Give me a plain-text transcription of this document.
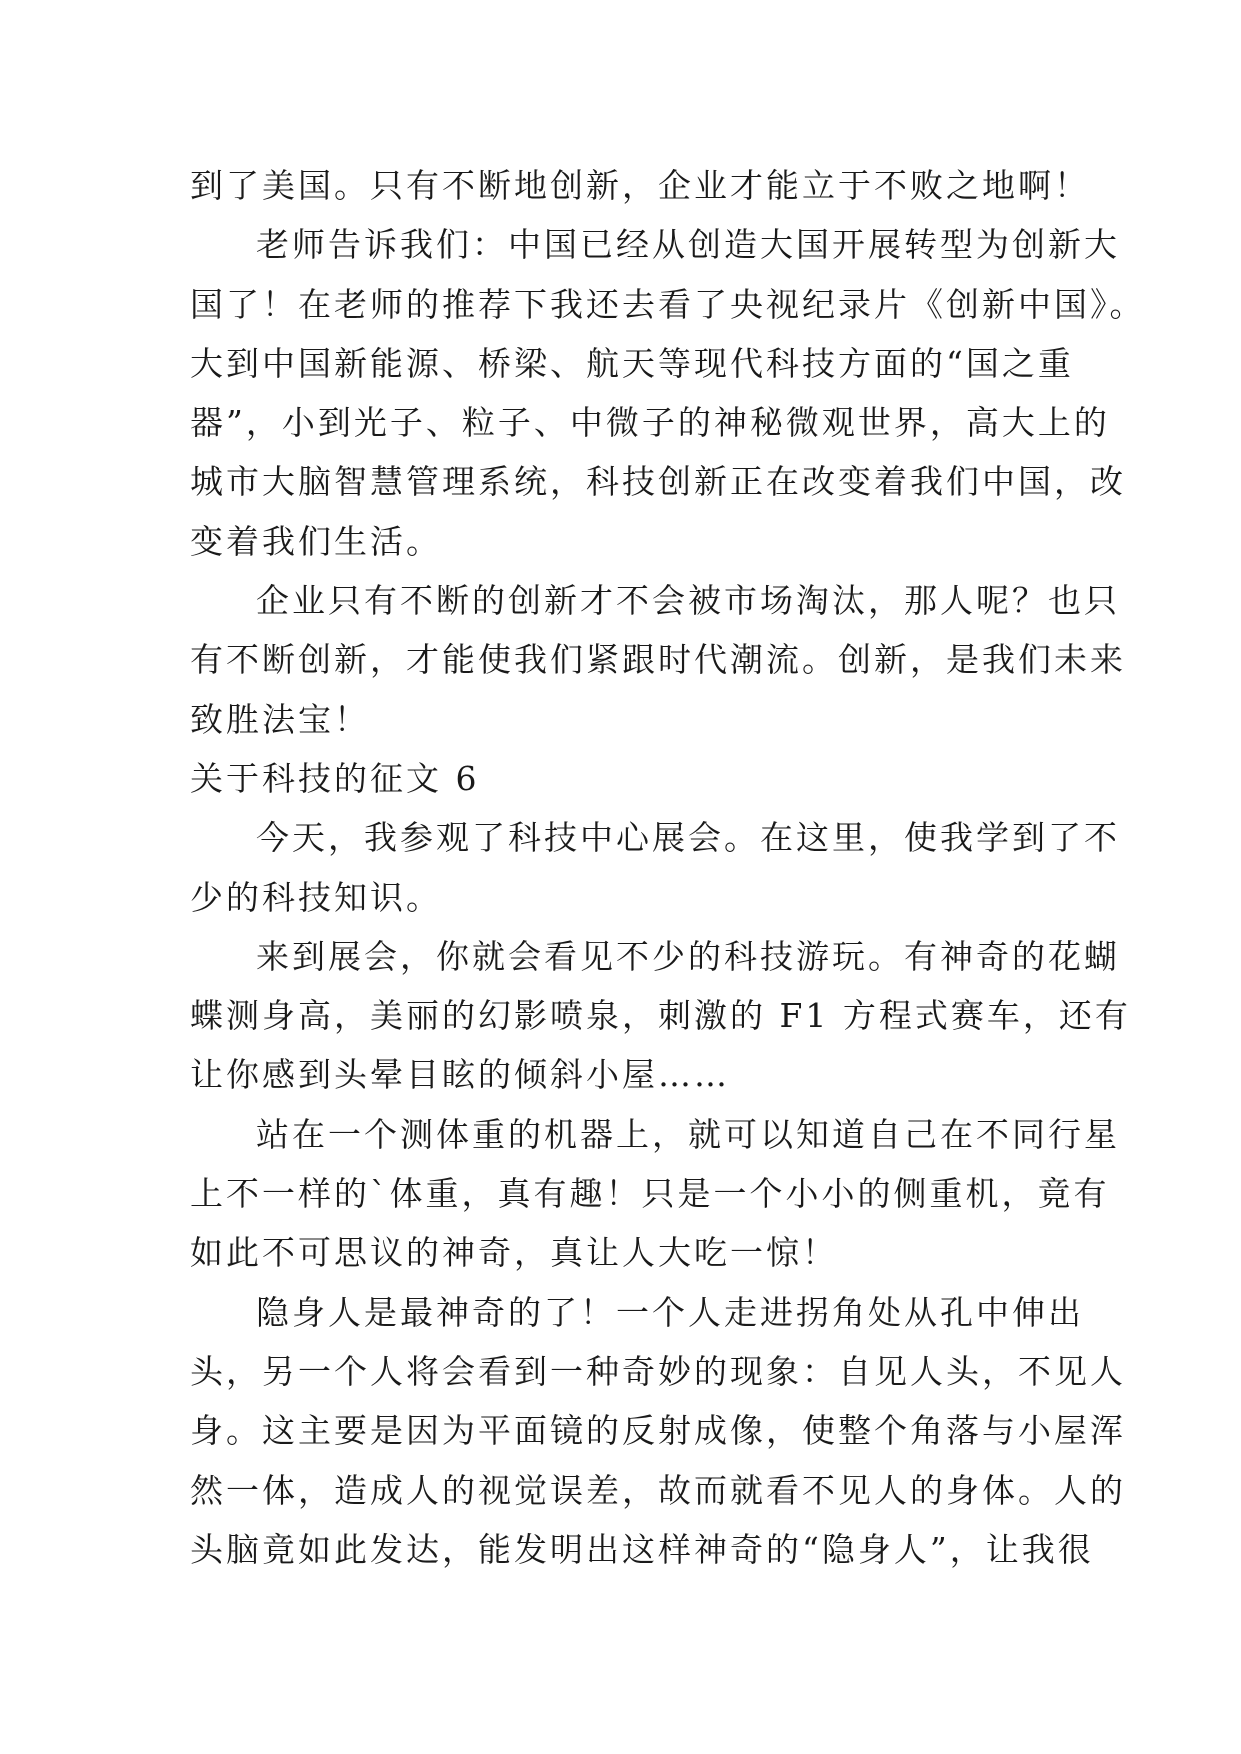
到了美国。只有不断地创新，企业才能立于不败之地啊！
老师告诉我们：中国已经从创造大国开展转型为创新大
国了！在老师的推荐下我还去看了央视纪录片《创新中国》。
大到中国新能源、桥梁、航天等现代科技方面的“国之重
器”，小到光子、粒子、中微子的神秘微观世界，高大上的
城市大脑智慧管理系统，科技创新正在改变着我们中国，改
变着我们生活。
企业只有不断的创新才不会被市场淘汰，那人呢？也只
有不断创新，才能使我们紧跟时代潮流。创新，是我们未来
致胜法宝！
关于科技的征文 6
今天，我参观了科技中心展会。在这里，使我学到了不
少的科技知识。
来到展会，你就会看见不少的科技游玩。有神奇的花蝴
蝶测身高，美丽的幻影喷泉，刺激的 F1 方程式赛车，还有
让你感到头晕目眩的倾斜小屋……
站在一个测体重的机器上，就可以知道自己在不同行星
上不一样的`体重，真有趣！只是一个小小的侧重机，竟有
如此不可思议的神奇，真让人大吃一惊！
隐身人是最神奇的了！一个人走进拐角处从孔中伸出
头，另一个人将会看到一种奇妙的现象：自见人头，不见人
身。这主要是因为平面镜的反射成像，使整个角落与小屋浑
然一体，造成人的视觉误差，故而就看不见人的身体。人的
头脑竟如此发达，能发明出这样神奇的“隐身人”，让我很
